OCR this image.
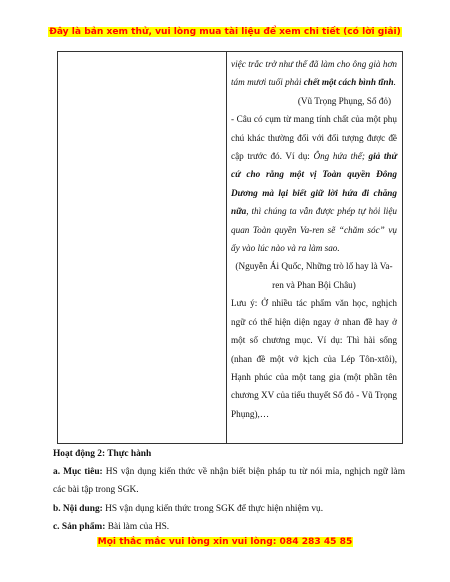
Đây là bản xem thử, vui lòng mua tài liệu để xem chi tiết (có lời giải)

việc trắc trở như thế đã làm cho ông già hơn tám mươi tuổi phải chết một cách bình tĩnh.

(Vũ Trọng Phụng, Số đỏ)

- Câu có cụm từ mang tính chất của một phụ chú khác thường đối với đối tượng được đề cập trước đó. Ví dụ: Ông hứa thế; giả thử cứ cho rằng một vị Toàn quyền Đông Dương mà lại biết giữ lời hứa đi chăng nữa, thì chúng ta vẫn được phép tự hỏi liệu quan Toàn quyền Va-ren sẽ “chăm sóc” vụ ấy vào lúc nào và ra làm sao.

(Nguyễn Ái Quốc, Những trò lố hay là Va-ren và Phan Bội Châu)

Lưu ý: Ở nhiều tác phẩm văn học, nghịch ngữ có thể hiện diện ngay ở nhan đề hay ở một số chương mục. Ví dụ: Thì hài sống (nhan đề một vở kịch của Lép Tôn-xtôi), Hạnh phúc của một tang gia (một phần tên chương XV của tiểu thuyết Số đỏ - Vũ Trọng Phụng),…

Hoạt động 2: Thực hành
a. Mục tiêu: HS vận dụng kiến thức về nhận biết biện pháp tu từ nói mỉa, nghịch ngữ làm các bài tập trong SGK.
b. Nội dung: HS vận dụng kiến thức trong SGK để thực hiện nhiệm vụ.
c. Sản phẩm: Bài làm của HS.
Mọi thắc mắc vui lòng xin vui lòng: 084 283 45 85
